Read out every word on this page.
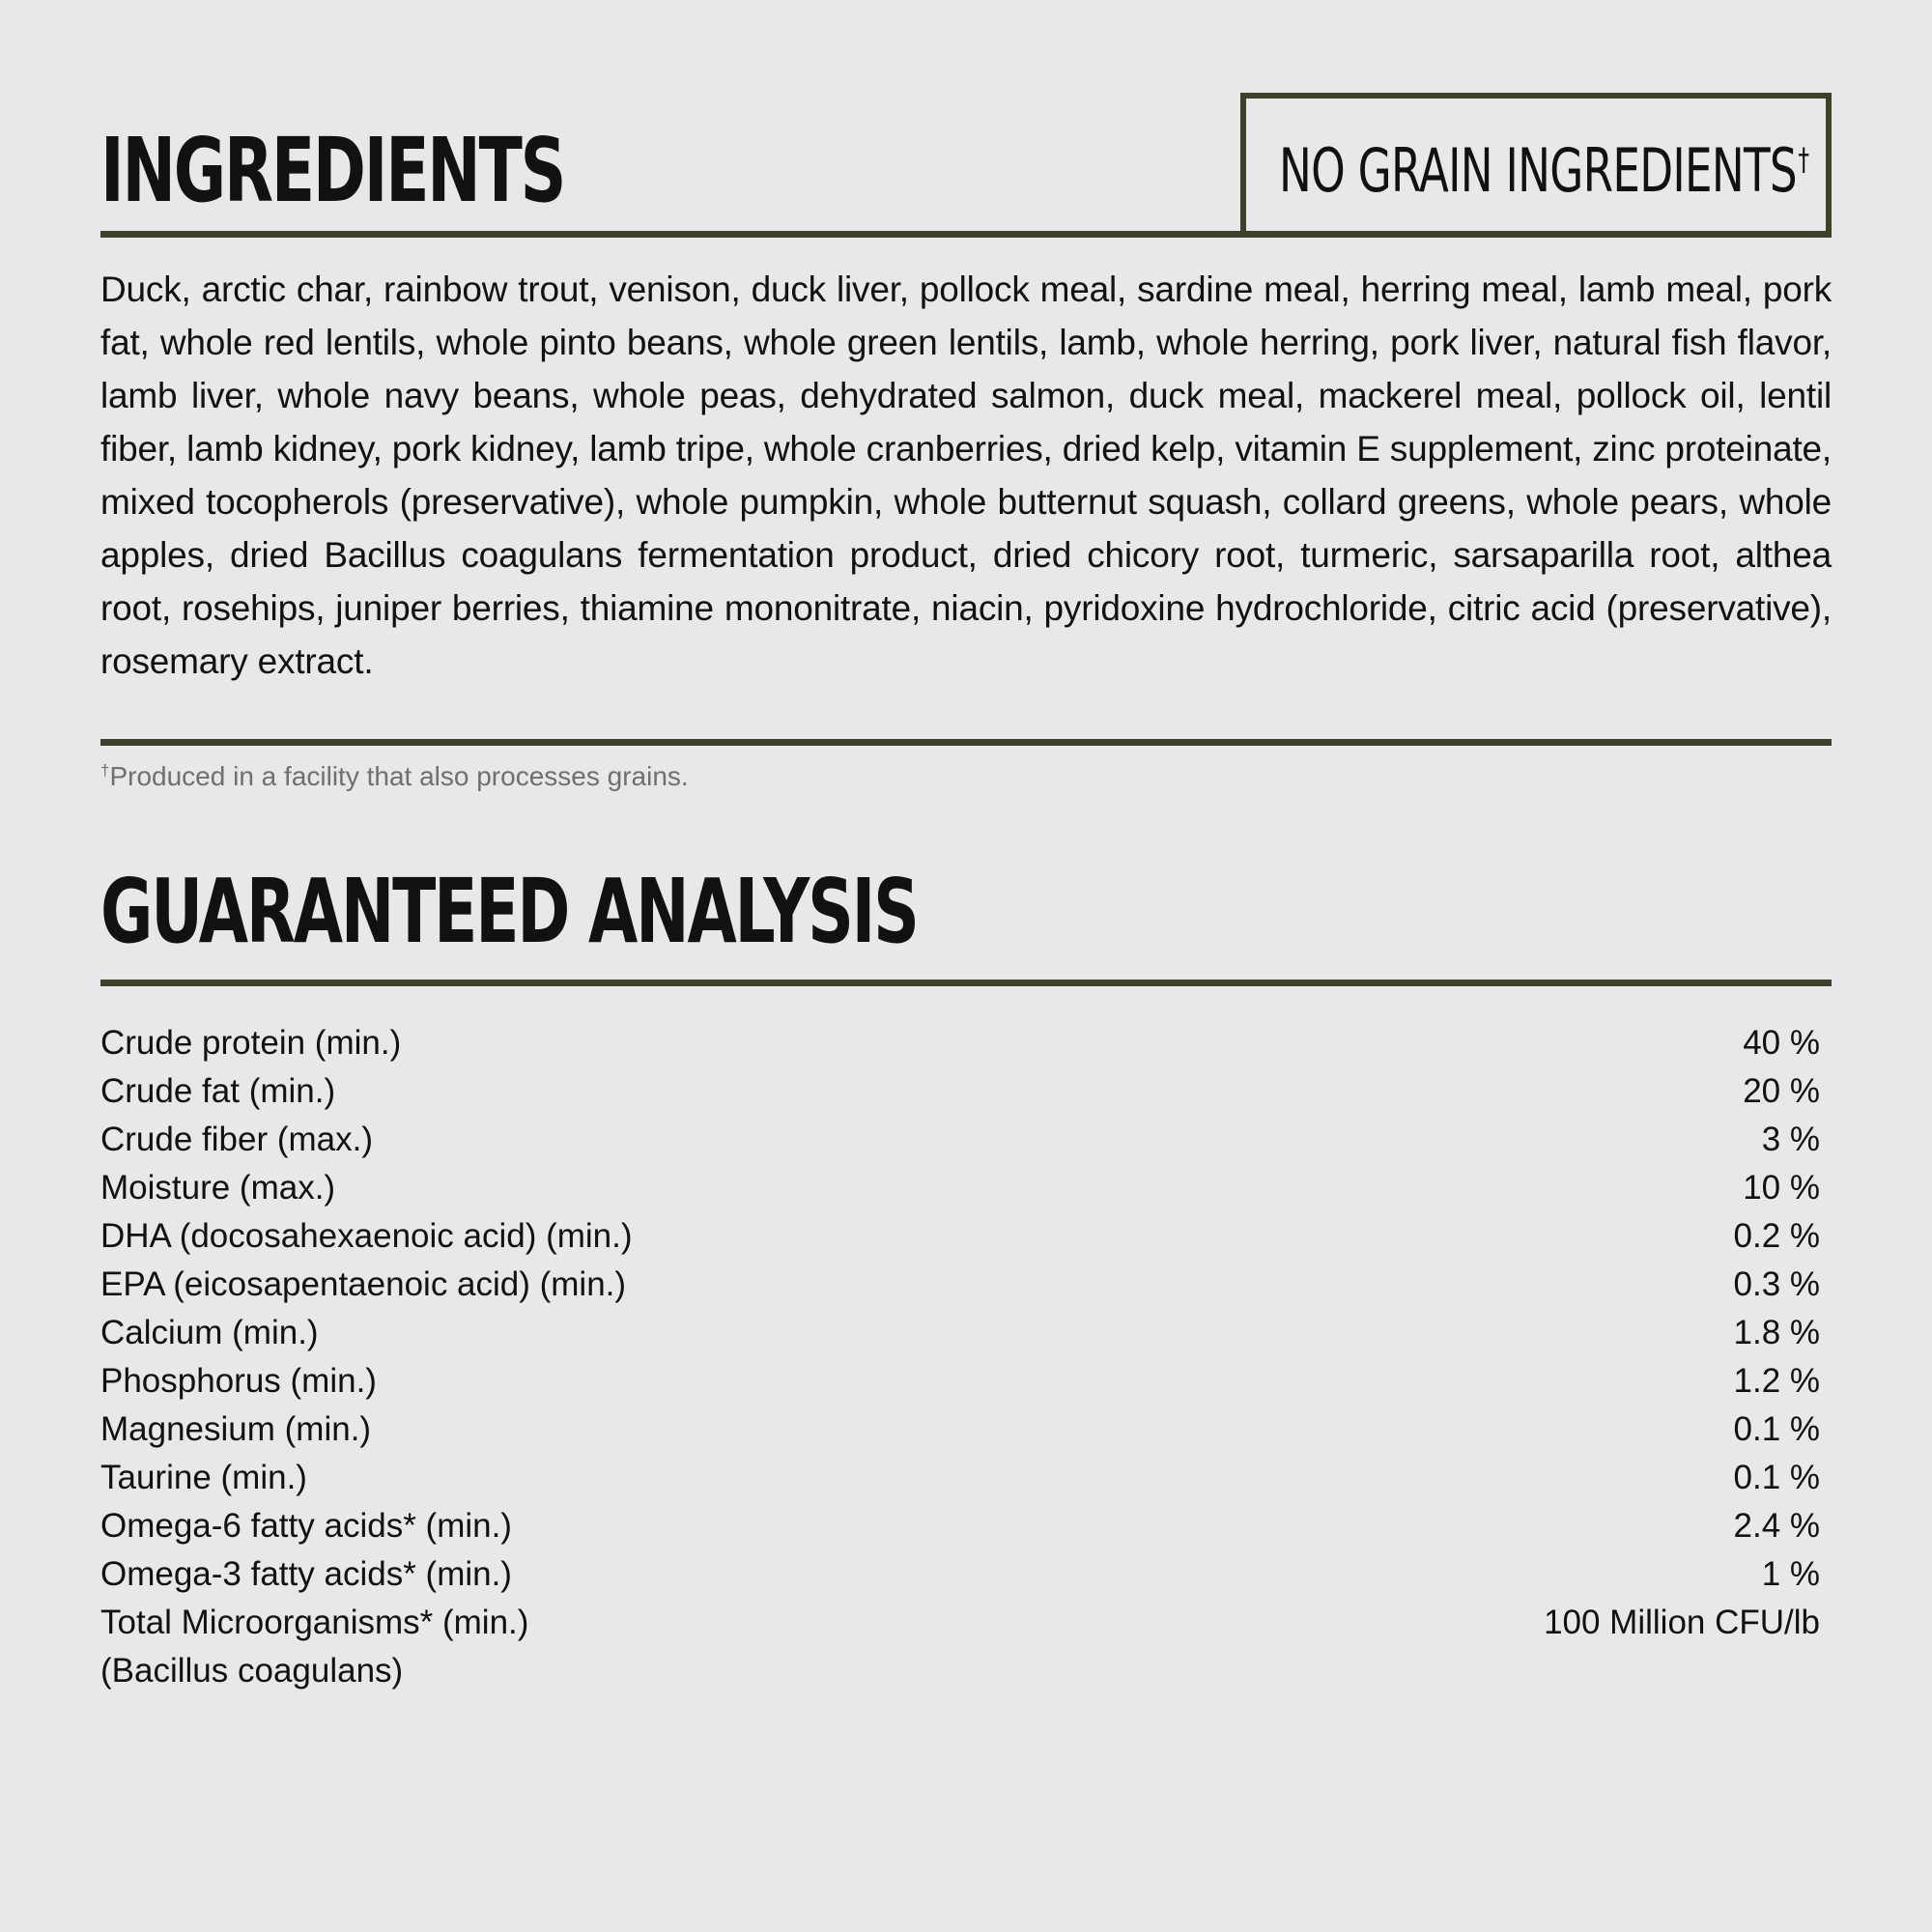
INGREDIENTS	NO GRAIN INGREDIENTS†

Duck, arctic char, rainbow trout, venison, duck liver, pollock meal, sardine meal, herring meal, lamb meal, pork fat, whole red lentils, whole pinto beans, whole green lentils, lamb, whole herring, pork liver, natural fish flavor, lamb liver, whole navy beans, whole peas, dehydrated salmon, duck meal, mackerel meal, pollock oil, lentil fiber, lamb kidney, pork kidney, lamb tripe, whole cranberries, dried kelp, vitamin E supplement, zinc proteinate, mixed tocopherols (preservative), whole pumpkin, whole butternut squash, collard greens, whole pears, whole apples, dried Bacillus coagulans fermentation product, dried chicory root, turmeric, sarsaparilla root, althea root, rosehips, juniper berries, thiamine mononitrate, niacin, pyridoxine hydrochloride, citric acid (preservative), rosemary extract.

†Produced in a facility that also processes grains.
GUARANTEED ANALYSIS
Crude protein (min.)	40 %
Crude fat (min.)	20 %
Crude fiber (max.)	3 %
Moisture (max.)	10 %
DHA (docosahexaenoic acid) (min.)	0.2 %
EPA (eicosapentaenoic acid) (min.)	0.3 %
Calcium (min.)	1.8 %
Phosphorus (min.)	1.2 %
Magnesium (min.)	0.1 %
Taurine (min.)	0.1 %
Omega-6 fatty acids* (min.)	2.4 %
Omega-3 fatty acids* (min.)	1 %
Total Microorganisms* (min.)	100 Million CFU/lb
(Bacillus coagulans)
